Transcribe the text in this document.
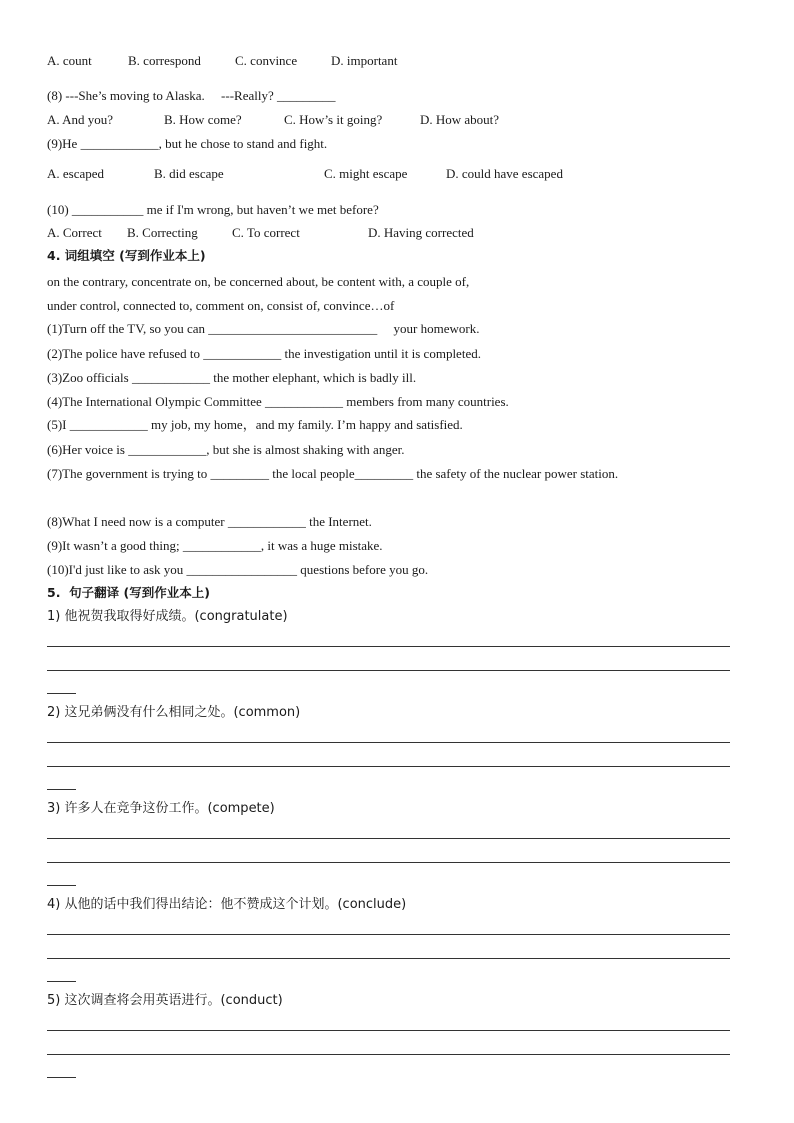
A. count	B. correspond	C. convince	D. important
(8) ---She’s moving to Alaska.     ---Really? _________
A. And you?	B. How come?	C. How’s it going?	D. How about?
(9)He ____________, but he chose to stand and fight.
A. escaped	B. did escape	C. might escape	D. could have escaped
(10) ___________ me if I'm wrong, but haven’t we met before?
A. Correct B. Correcting	C. To correct	D. Having corrected
4. 词组填空 (写到作业本上)
on the contrary, concentrate on, be concerned about, be content with, a couple of,
under control, connected to, comment on, consist of, convince…of
(1)Turn off the TV, so you can __________________________     your homework.
(2)The police have refused to ____________ the investigation until it is completed.
(3)Zoo officials ____________ the mother elephant, which is badly ill.
(4)The International Olympic Committee ____________ members from many countries.
(5)I ____________ my job, my home，and my family. I’m happy and satisfied.
(6)Her voice is ____________, but she is almost shaking with anger.
(7)The government is trying to _________ the local people_________ the safety of the nuclear power station.
(8)What I need now is a computer ____________ the Internet.
(9)It wasn’t a good thing; ____________, it was a huge mistake.
(10)I'd just like to ask you _________________ questions before you go.
5.  句子翻译 (写到作业本上)
1) 他祝贺我取得好成绩。(congratulate)
2) 这兄弟俩没有什么相同之处。(common)
3) 许多人在竞争这份工作。(compete)
4) 从他的话中我们得出结论：他不赞成这个计划。(conclude)
5) 这次调查将会用英语进行。(conduct)
